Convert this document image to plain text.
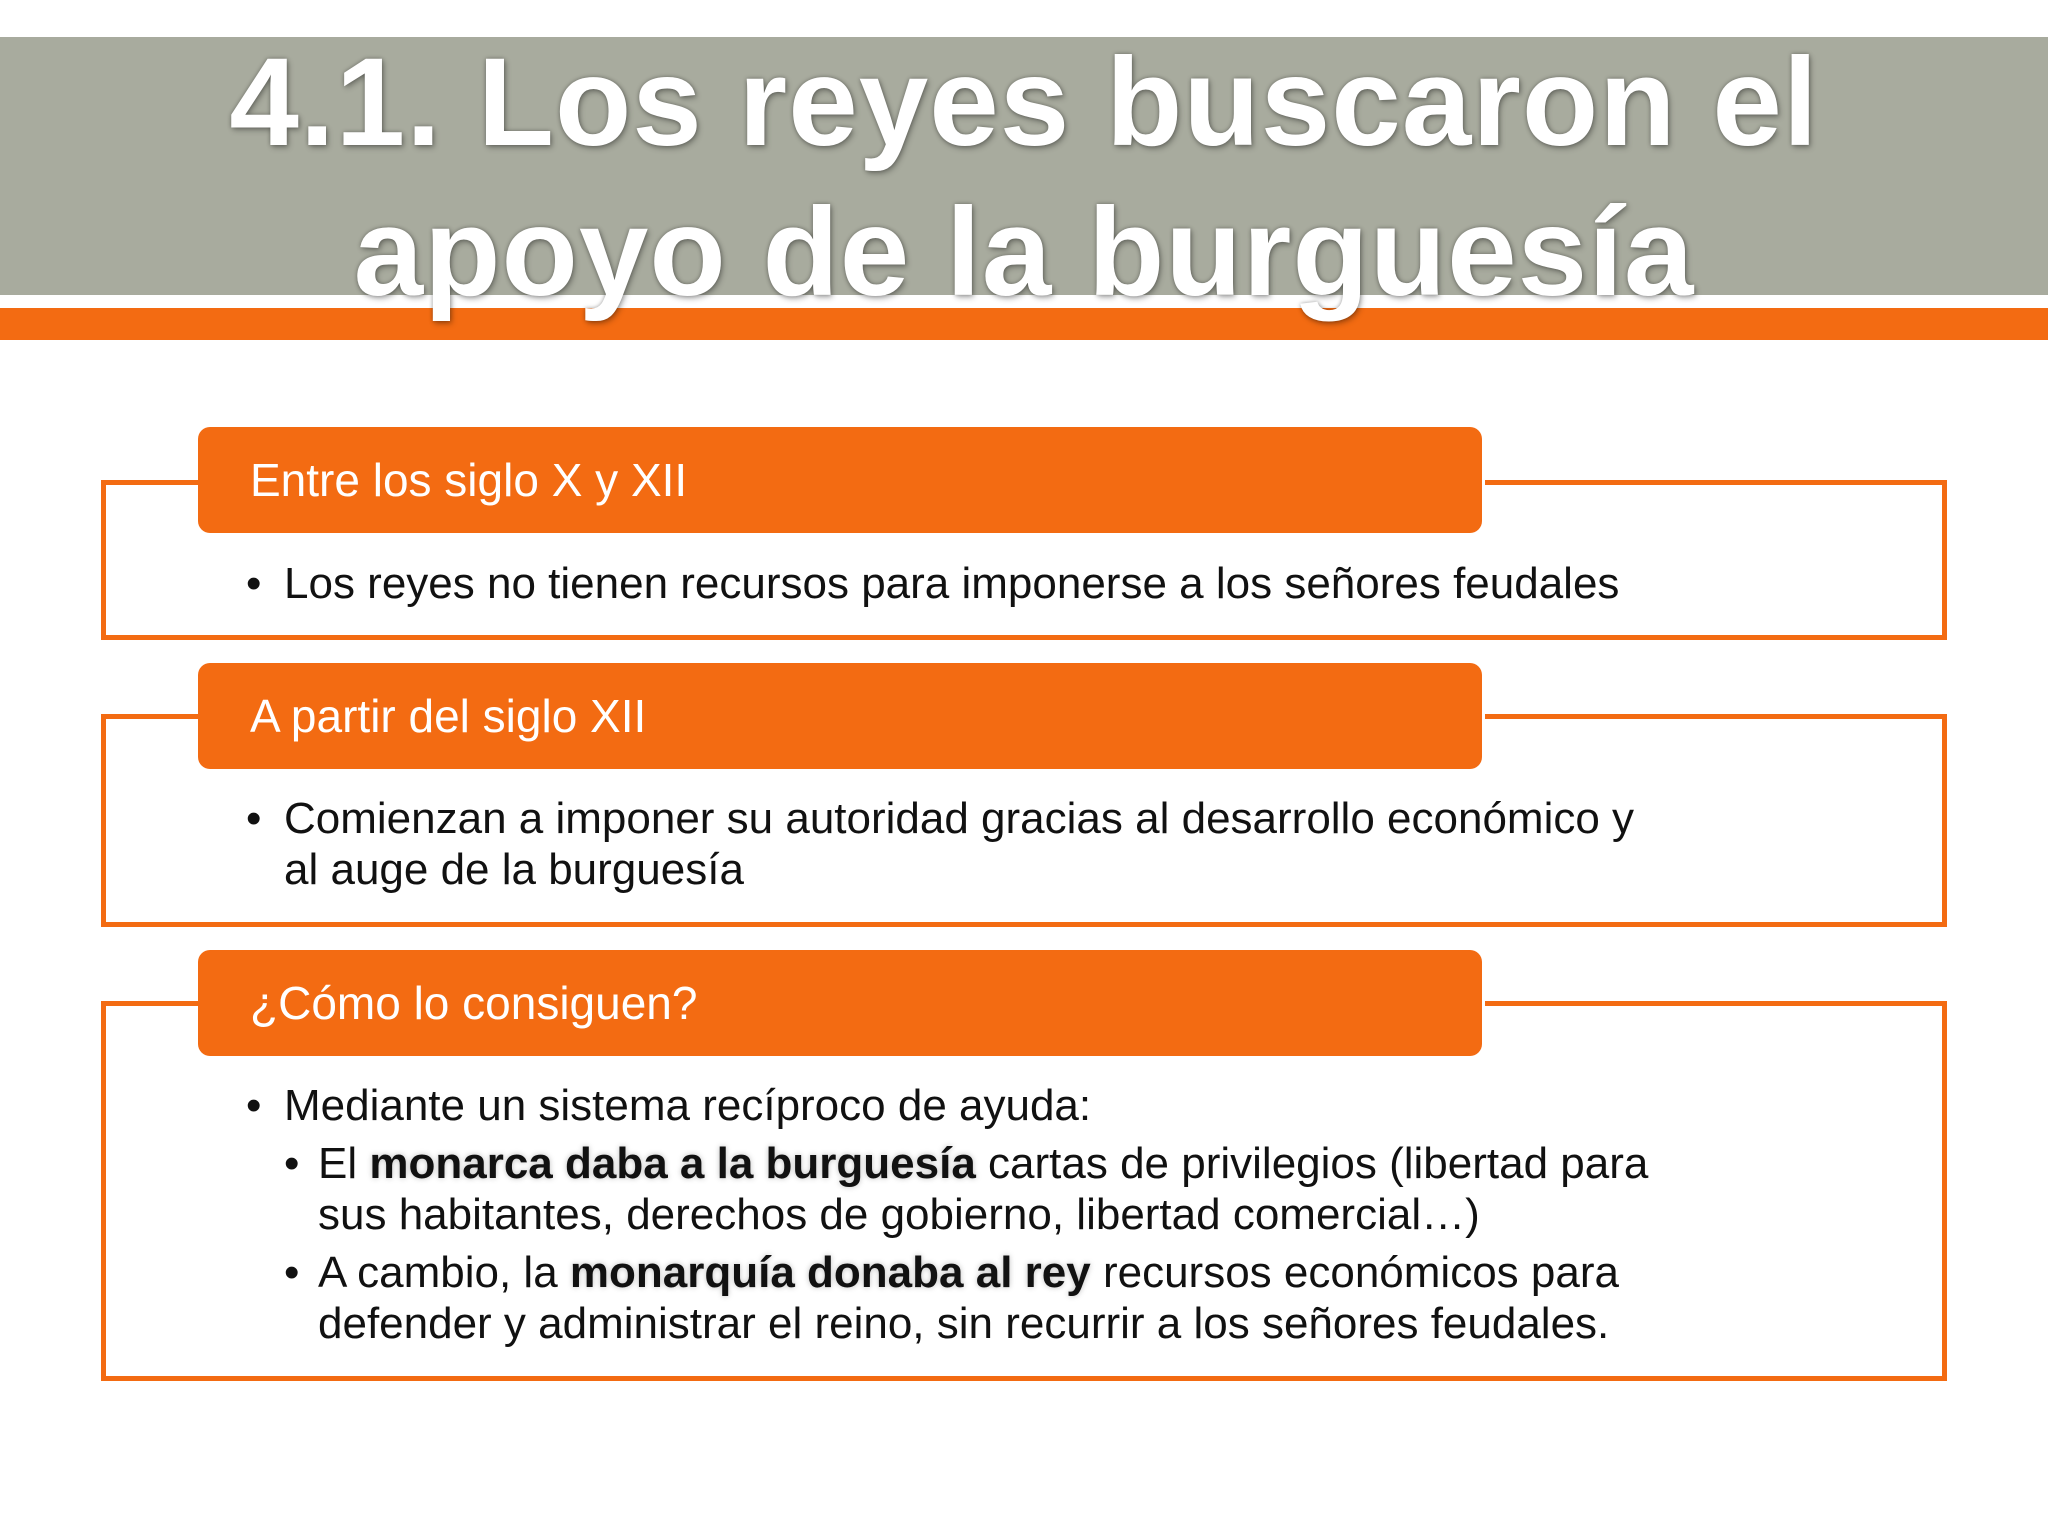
4.1. Los reyes buscaron el
apoyo de la burguesía
Entre los siglo X y XII
• Los reyes no tienen recursos para imponerse a los señores feudales
A partir del siglo XII
• Comienzan a imponer su autoridad gracias al desarrollo económico y
al auge de la burguesía
¿Cómo lo consiguen?
• Mediante un sistema recíproco de ayuda:
• El monarca daba a la burguesía cartas de privilegios (libertad para
sus habitantes, derechos de gobierno, libertad comercial…)
• A cambio, la monarquía donaba al rey recursos económicos para
defender y administrar el reino, sin recurrir a los señores feudales.
